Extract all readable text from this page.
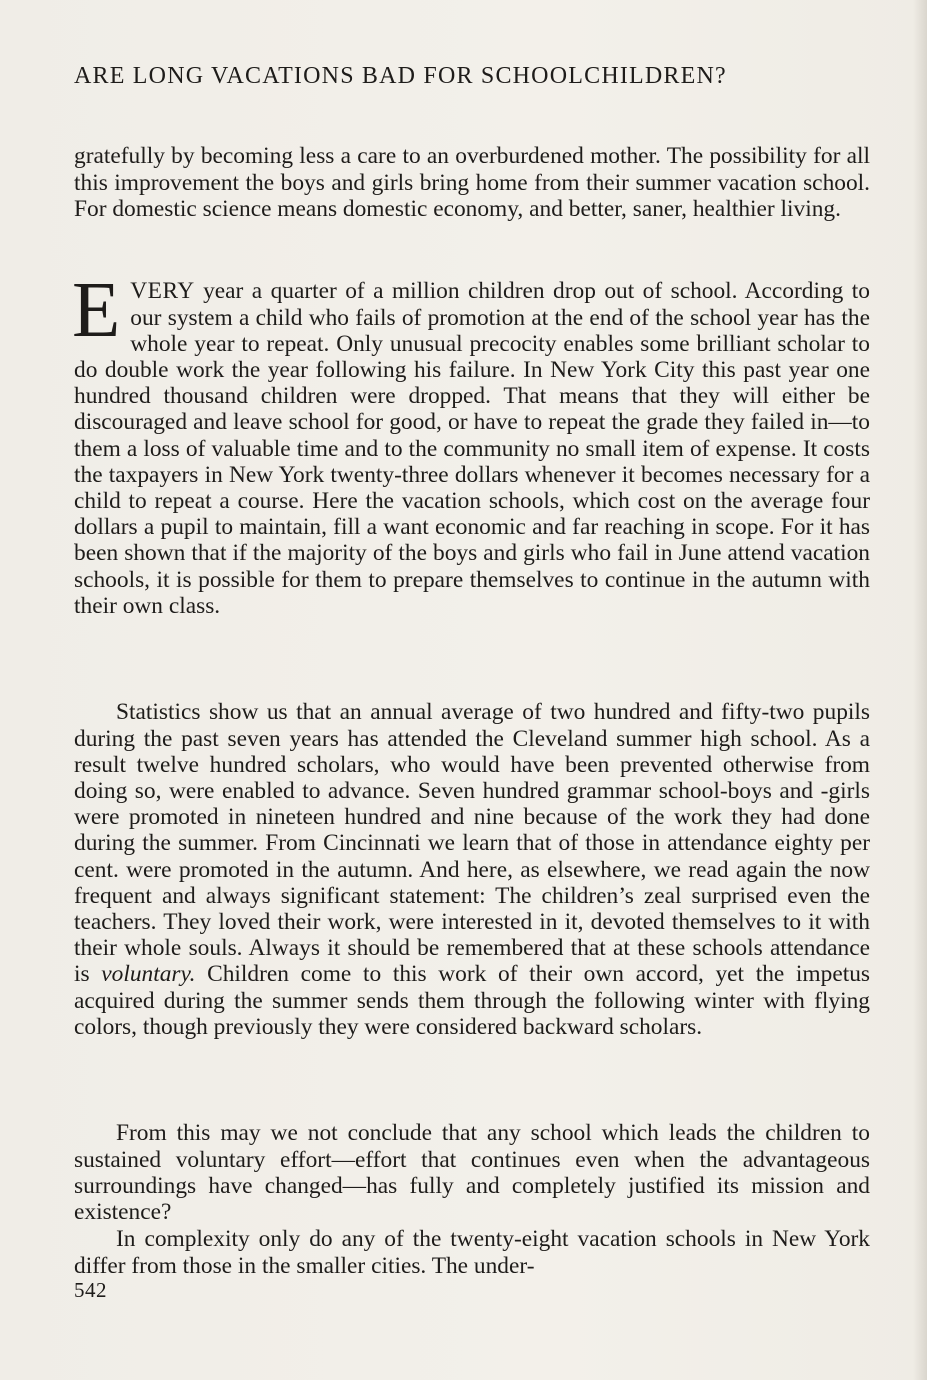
ARE LONG VACATIONS BAD FOR SCHOOLCHILDREN?

gratefully by becoming less a care to an overburdened mother. The possibility for all this improvement the boys and girls bring home from their summer vacation school. For domestic science means domestic economy, and better, saner, healthier living.

EVERY year a quarter of a million children drop out of school. According to our system a child who fails of promotion at the end of the school year has the whole year to repeat. Only unusual precocity enables some brilliant scholar to do double work the year following his failure. In New York City this past year one hundred thousand children were dropped. That means that they will either be discouraged and leave school for good, or have to repeat the grade they failed in—to them a loss of valuable time and to the community no small item of expense. It costs the taxpayers in New York twenty-three dollars whenever it becomes necessary for a child to repeat a course. Here the vacation schools, which cost on the average four dollars a pupil to maintain, fill a want economic and far reaching in scope. For it has been shown that if the majority of the boys and girls who fail in June attend vacation schools, it is possible for them to prepare themselves to continue in the autumn with their own class.

Statistics show us that an annual average of two hundred and fifty-two pupils during the past seven years has attended the Cleveland summer high school. As a result twelve hundred scholars, who would have been prevented otherwise from doing so, were enabled to advance. Seven hundred grammar school-boys and -girls were promoted in nineteen hundred and nine because of the work they had done during the summer. From Cincinnati we learn that of those in attendance eighty per cent. were promoted in the autumn. And here, as elsewhere, we read again the now frequent and always significant statement: The children’s zeal surprised even the teachers. They loved their work, were interested in it, devoted themselves to it with their whole souls. Always it should be remembered that at these schools attendance is voluntary. Children come to this work of their own accord, yet the impetus acquired during the summer sends them through the following winter with flying colors, though previously they were considered backward scholars.

From this may we not conclude that any school which leads the children to sustained voluntary effort—effort that continues even when the advantageous surroundings have changed—has fully and completely justified its mission and existence?

In complexity only do any of the twenty-eight vacation schools in New York differ from those in the smaller cities. The under-

542
